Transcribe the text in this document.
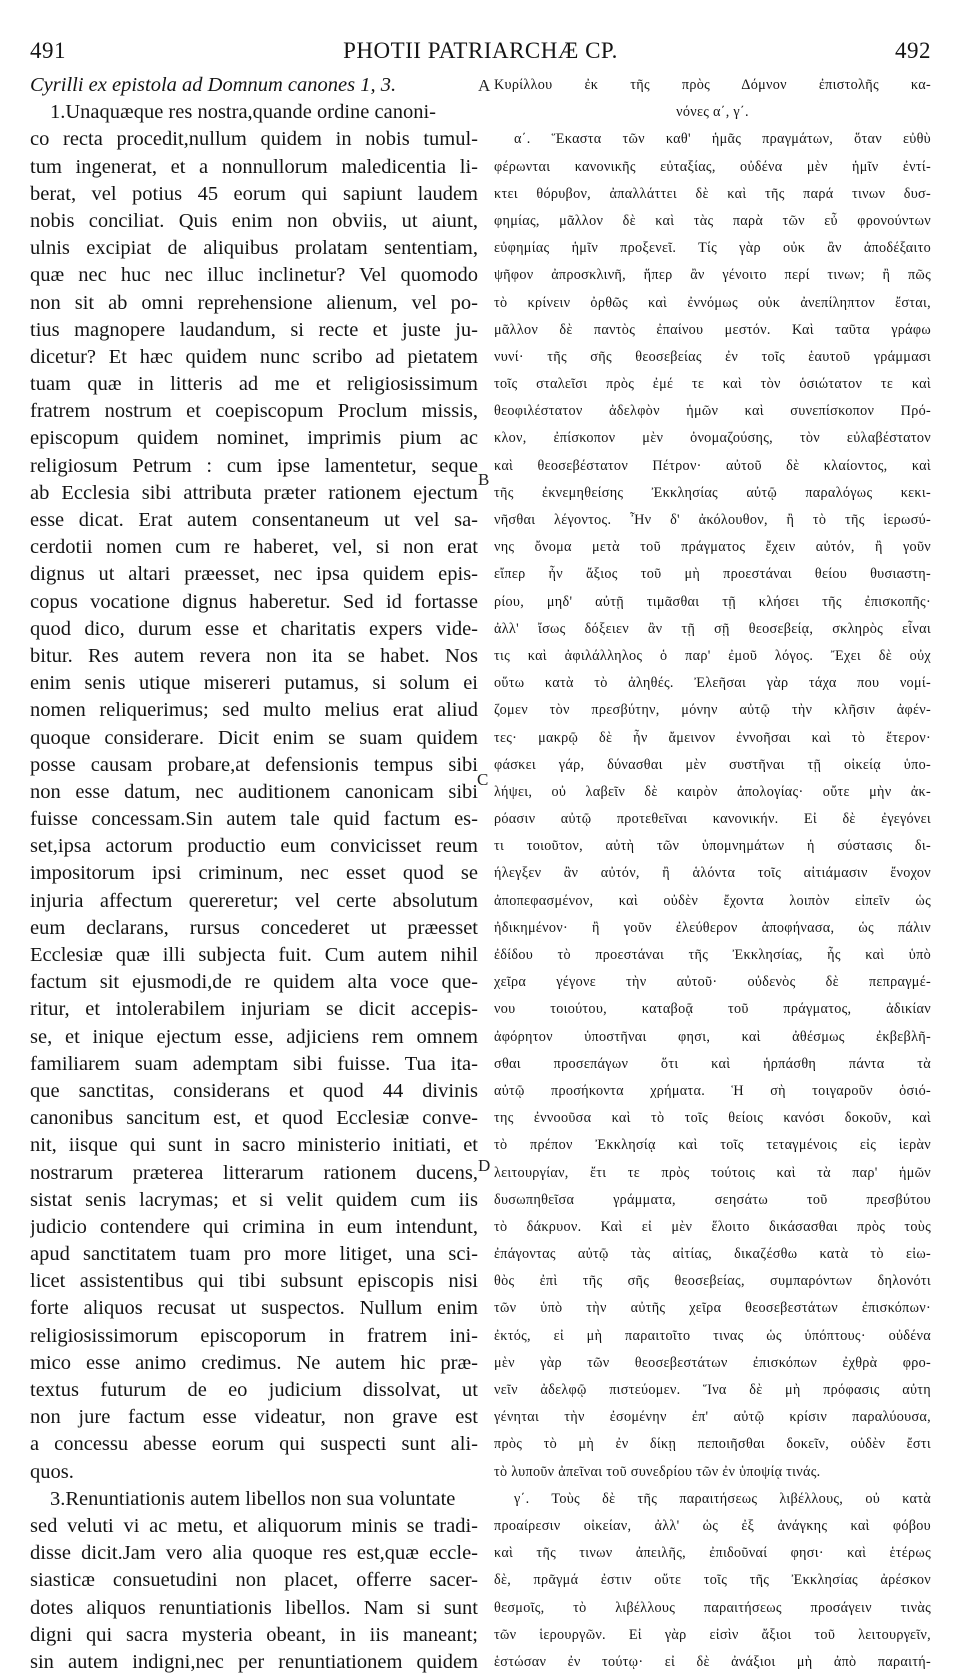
491	PHOTII PATRIARCHÆ CP.	492
Cyrilli ex epistola ad Domnum canones 1, 3.
1.Unaquæque res nostra,quande ordine canoni-
co recta procedit,nullum quidem in nobis tumul-
tum ingenerat, et a nonnullorum maledicentia li-
berat, vel potius 45 eorum qui sapiunt laudem
nobis conciliat. Quis enim non obviis, ut aiunt,
ulnis excipiat de aliquibus prolatam sententiam,
quæ nec huc nec illuc inclinetur? Vel quomodo
non sit ab omni reprehensione alienum, vel po-
tius magnopere laudandum, si recte et juste ju-
dicetur? Et hæc quidem nunc scribo ad pietatem
tuam quæ in litteris ad me et religiosissimum
fratrem nostrum et coepiscopum Proclum missis,
episcopum quidem nominet, imprimis pium ac
religiosum Petrum : cum ipse lamentetur, seque
ab Ecclesia sibi attributa præter rationem ejectum
esse dicat. Erat autem consentaneum ut vel sa-
cerdotii nomen cum re haberet, vel, si non erat
dignus ut altari præesset, nec ipsa quidem epis-
copus vocatione dignus haberetur. Sed id fortasse
quod dico, durum esse et charitatis expers vide-
bitur. Res autem revera non ita se habet. Nos
enim senis utique misereri putamus, si solum ei
nomen reliquerimus; sed multo melius erat aliud
quoque considerare. Dicit enim se suam quidem
posse causam probare,at defensionis tempus sibi
non esse datum, nec auditionem canonicam sibi
fuisse concessam.Sin autem tale quid factum es-
set,ipsa actorum productio eum convicisset reum
impositorum ipsi criminum, nec esset quod se
injuria affectum quereretur; vel certe absolutum
eum declarans, rursus concederet ut præesset
Ecclesiæ quæ illi subjecta fuit. Cum autem nihil
factum sit ejusmodi,de re quidem alta voce que-
ritur, et intolerabilem injuriam se dicit accepis-
se, et inique ejectum esse, adjiciens rem omnem
familiarem suam ademptam sibi fuisse. Tua ita-
que sanctitas, considerans et quod 44 divinis
canonibus sancitum est, et quod Ecclesiæ conve-
nit, iisque qui sunt in sacro ministerio initiati, et
nostrarum præterea litterarum rationem ducens,
sistat senis lacrymas; et si velit quidem cum iis
judicio contendere qui crimina in eum intendunt,
apud sanctitatem tuam pro more litiget, una sci-
licet assistentibus qui tibi subsunt episcopis nisi
forte aliquos recusat ut suspectos. Nullum enim
religiosissimorum episcoporum in fratrem ini-
mico esse animo credimus. Ne autem hic præ-
textus futurum de eo judicium dissolvat, ut
non jure factum esse videatur, non grave est
a concessu abesse eorum qui suspecti sunt ali-
quos.
3.Renuntiationis autem libellos non sua voluntate
sed veluti vi ac metu, et aliquorum minis se tradi-
disse dicit.Jam vero alia quoque res est,quæ eccle-
siasticæ consuetudini non placet, offerre sacer-
dotes aliquos renuntiationis libellos. Nam si sunt
digni qui sacra mysteria obeant, in iis maneant;
sin autem indigni,nec per renuntiationem quidem
Κυρίλλου ἐκ τῆς πρὸς Δόμνον ἐπιστολῆς κα-
νόνες α΄, γ΄.
α΄. Ἕκαστα τῶν καθ' ἡμᾶς πραγμάτων, ὅταν εὐθὺ
φέρωνται κανονικῆς εὐταξίας, οὐδένα μὲν ἡμῖν ἐντί-
κτει θόρυβον, ἀπαλλάττει δὲ καὶ τῆς παρά τινων δυσ-
φημίας, μᾶλλον δὲ καὶ τὰς παρὰ τῶν εὖ φρονούντων
εὐφημίας ἡμῖν προξενεῖ. Τίς γὰρ οὐκ ἂν ἀποδέξαιτο
ψῆφον ἀπροσκλινῆ, ἥπερ ἂν γένοιτο περί τινων; ἢ πῶς
τὸ κρίνειν ὀρθῶς καὶ ἐννόμως οὐκ ἀνεπίληπτον ἔσται,
μᾶλλον δὲ παντὸς ἐπαίνου μεστόν. Καὶ ταῦτα γράφω
νυνί· τῆς σῆς θεοσεβείας ἐν τοῖς ἑαυτοῦ γράμμασι
τοῖς σταλεῖσι πρὸς ἐμέ τε καὶ τὸν ὁσιώτατον τε καὶ
θεοφιλέστατον ἀδελφὸν ἡμῶν καὶ συνεπίσκοπον Πρό-
κλον, ἐπίσκοπον μὲν ὀνομαζούσης, τὸν εὐλαβέστατον
καὶ θεοσεβέστατον Πέτρον· αὐτοῦ δὲ κλαίοντος, καὶ
τῆς ἐκνεμηθείσης Ἐκκλησίας αὐτῷ παραλόγως κεκι-
νῆσθαι λέγοντος. Ἦν δ' ἀκόλουθον, ἢ τὸ τῆς ἱερωσύ-
νης ὄνομα μετὰ τοῦ πράγματος ἔχειν αὐτόν, ἢ γοῦν
εἴπερ ἦν ἄξιος τοῦ μὴ προεστάναι θείου θυσιαστη-
ρίου, μηδ' αὐτῇ τιμᾶσθαι τῇ κλήσει τῆς ἐπισκοπῆς·
ἀλλ' ἴσως δόξειεν ἂν τῇ σῇ θεοσεβείᾳ, σκληρὸς εἶναι
τις καὶ ἀφιλάλληλος ὁ παρ' ἐμοῦ λόγος. Ἔχει δὲ οὐχ
οὕτω κατὰ τὸ ἀληθές. Ἐλεῆσαι γὰρ τάχα που νομί-
ζομεν τὸν πρεσβύτην, μόνην αὐτῷ τὴν κλῆσιν ἀφέν-
τες· μακρῷ δὲ ἦν ἄμεινον ἐννοῆσαι καὶ τὸ ἕτερον·
φάσκει γάρ, δύνασθαι μὲν συστῆναι τῇ οἰκείᾳ ὑπο-
λήψει, οὐ λαβεῖν δὲ καιρὸν ἀπολογίας· οὔτε μὴν ἀκ-
ρόασιν αὐτῷ προτεθεῖναι κανονικήν. Εἰ δὲ ἐγεγόνει
τι τοιοῦτον, αὐτὴ τῶν ὑπομνημάτων ἡ σύστασις δι-
ήλεγξεν ἂν αὐτόν, ἢ ἁλόντα τοῖς αἰτιάμασιν ἔνοχον
ἀποπεφασμένον, καὶ οὐδὲν ἔχοντα λοιπὸν εἰπεῖν ὡς
ἠδικημένον· ἢ γοῦν ἐλεύθερον ἀποφήνασα, ὡς πάλιν
ἐδίδου τὸ προεστάναι τῆς Ἐκκλησίας, ἧς καὶ ὑπὸ
χεῖρα γέγονε τὴν αὐτοῦ· οὐδενὸς δὲ πεπραγμέ-
νου τοιούτου, καταβοᾷ τοῦ πράγματος, ἀδικίαν
ἀφόρητον ὑποστῆναι φησι, καὶ ἀθέσμως ἐκβεβλῆ-
σθαι προσεπάγων ὅτι καὶ ἡρπάσθη πάντα τὰ
αὐτῷ προσήκοντα χρήματα. Ἡ σὴ τοιγαροῦν ὁσιό-
της ἐννοοῦσα καὶ τὸ τοῖς θείοις κανόσι δοκοῦν, καὶ
τὸ πρέπον Ἐκκλησίᾳ καὶ τοῖς τεταγμένοις εἰς ἱερὰν
λειτουργίαν, ἔτι τε πρὸς τούτοις καὶ τὰ παρ' ἡμῶν
δυσωπηθεῖσα γράμματα, σεησάτω τοῦ πρεσβύτου
τὸ δάκρυον. Καὶ εἰ μὲν ἕλοιτο δικάσασθαι πρὸς τοὺς
ἐπάγοντας αὐτῷ τὰς αἰτίας, δικαζέσθω κατὰ τὸ εἰω-
θὸς ἐπὶ τῆς σῆς θεοσεβείας, συμπαρόντων δηλονότι
τῶν ὑπὸ τὴν αὐτῆς χεῖρα θεοσεβεστάτων ἐπισκόπων·
ἐκτός, εἰ μὴ παραιτοῖτο τινας ὡς ὑπόπτους· οὐδένα
μὲν γὰρ τῶν θεοσεβεστάτων ἐπισκόπων ἐχθρὰ φρο-
νεῖν ἀδελφῷ πιστεύομεν. Ἵνα δὲ μὴ πρόφασις αὐτη
γένηται τὴν ἐσομένην ἐπ' αὐτῷ κρίσιν παραλύουσα,
πρὸς τὸ μὴ ἐν δίκῃ πεποιῆσθαι δοκεῖν, οὐδὲν ἔστι
τὸ λυποῦν ἀπεῖναι τοῦ συνεδρίου τῶν ἐν ὑποψίᾳ τινάς.
γ΄. Τοὺς δὲ τῆς παραιτήσεως λιβέλλους, οὐ κατὰ
προαίρεσιν οἰκείαν, ἀλλ' ὡς ἐξ ἀνάγκης καὶ φόβου
καὶ τῆς τινων ἀπειλῆς, ἐπιδοῦναί φησι· καὶ ἑτέρως
δὲ, πρᾶγμά ἐστιν οὔτε τοῖς τῆς Ἐκκλησίας ἀρέσκον
θεσμοῖς, τὸ λιβέλλους παραιτήσεως προσάγειν τινὰς
τῶν ἱερουργῶν. Εἰ γὰρ εἰσὶν ἄξιοι τοῦ λειτουργεῖν,
ἑστώσαν ἐν τούτῳ· εἰ δὲ ἀνάξιοι μὴ ἀπὸ παραιτή-
A
B
C
D
